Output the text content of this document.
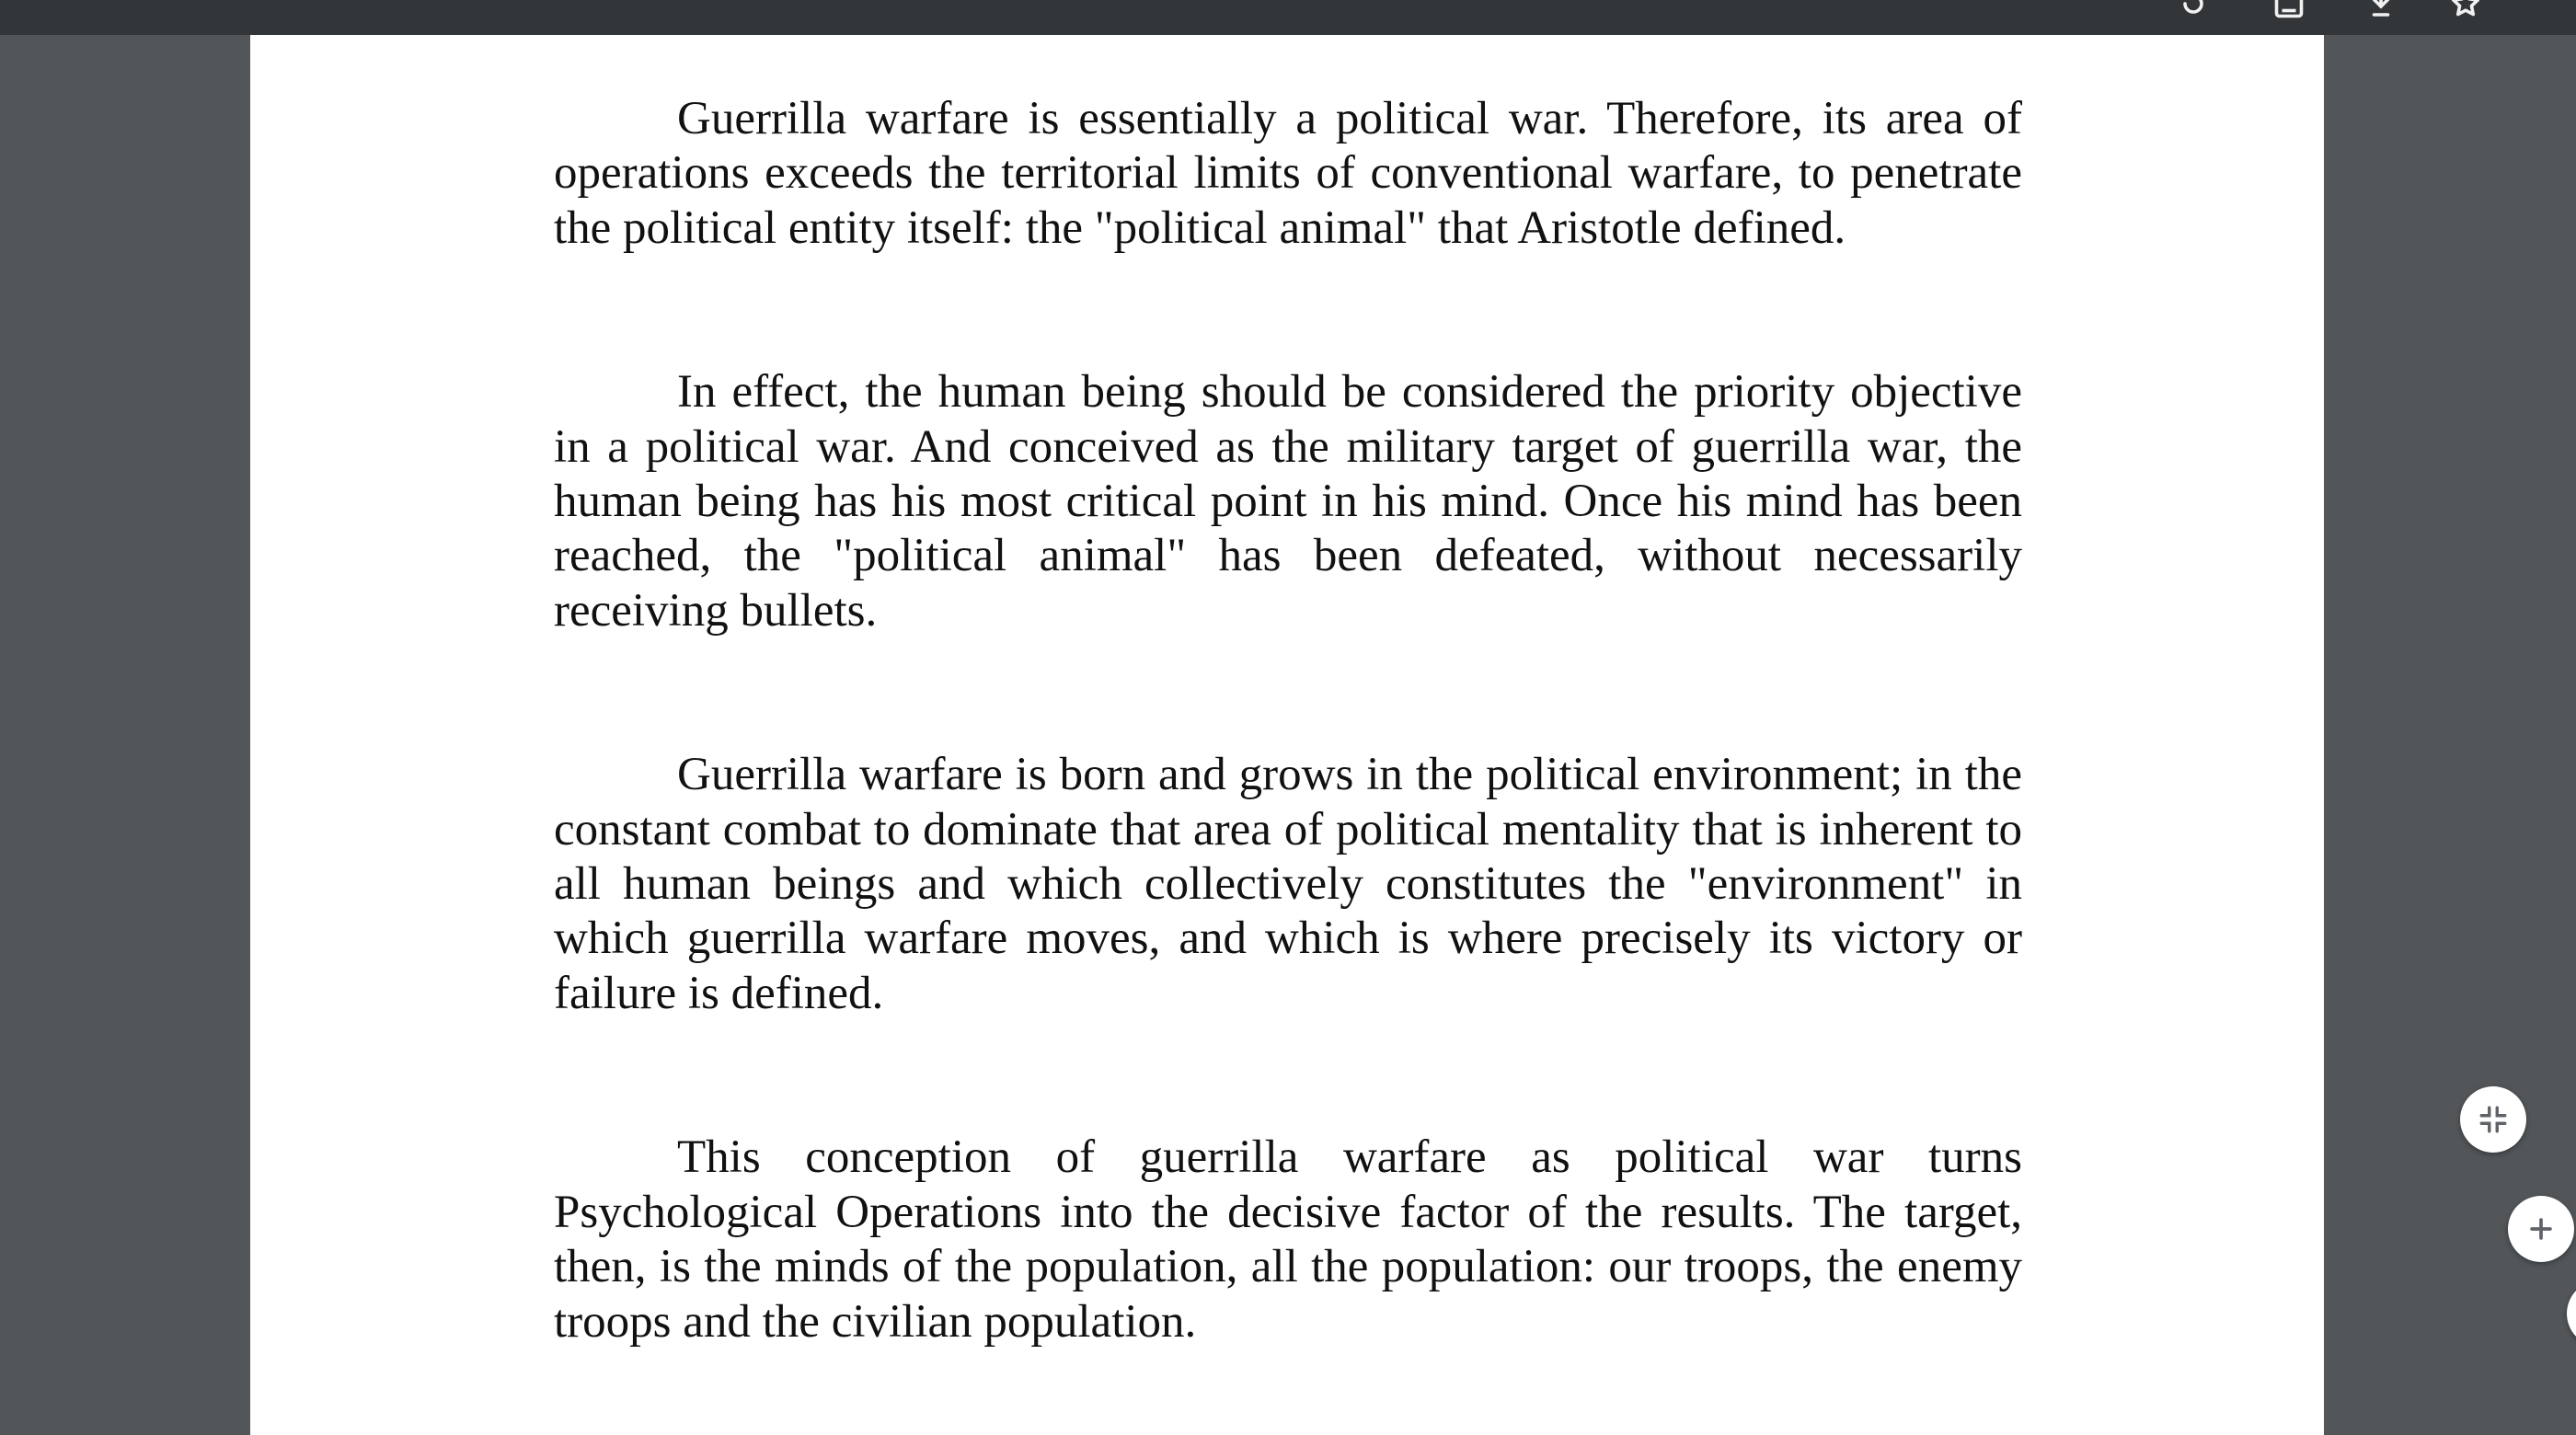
Guerrilla warfare is essentially a political war. Therefore, its area of operations exceeds the territorial limits of conventional warfare, to penetrate the political entity itself: the "political animal" that Aristotle defined.

In effect, the human being should be considered the priority objective in a political war. And conceived as the military target of guerrilla war, the human being has his most critical point in his mind. Once his mind has been reached, the "political animal" has been defeated, without necessarily receiving bullets.

Guerrilla warfare is born and grows in the political environment; in the constant combat to dominate that area of political mentality that is inherent to all human beings and which collectively constitutes the "environment" in which guerrilla warfare moves, and which is where precisely its victory or failure is defined.

This conception of guerrilla warfare as political war turns Psychological Operations into the decisive factor of the results. The target, then, is the minds of the population, all the population: our troops, the enemy troops and the civilian population.
